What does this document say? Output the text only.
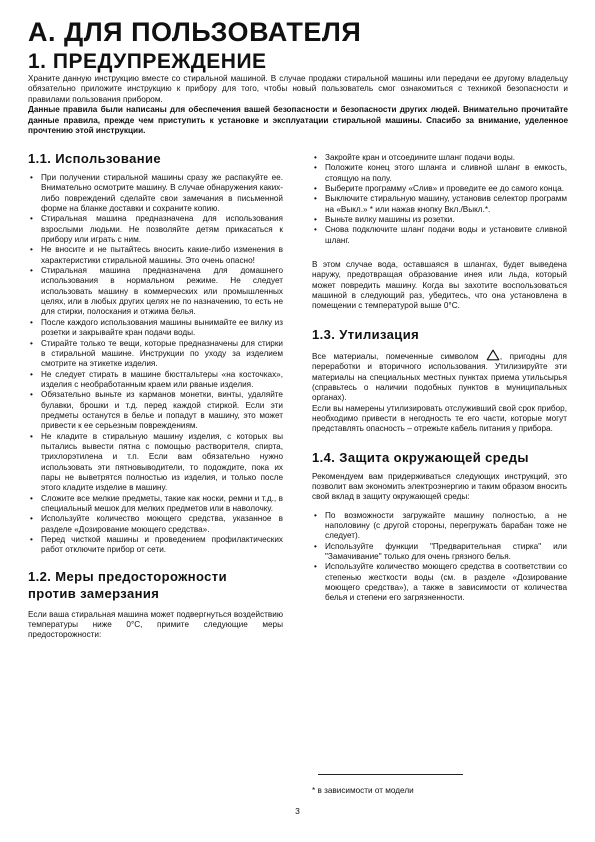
А. ДЛЯ ПОЛЬЗОВАТЕЛЯ
1. ПРЕДУПРЕЖДЕНИЕ

Храните данную инструкцию вместе со стиральной машиной. В случае продажи стиральной машины или передачи ее другому владельцу обязательно приложите инструкцию к прибору для того, чтобы новый пользователь смог ознакомиться с техникой безопасности и правилами пользования прибором.

Данные правила были написаны для обеспечения вашей безопасности и безопасности других людей. Внимательно прочитайте данные правила, прежде чем приступить к установке и эксплуатации стиральной машины. Спасибо за внимание, уделенное прочтению этой инструкции.

1.1. Использование
• При получении стиральной машины сразу же распакуйте ее. Внимательно осмотрите машину. В случае обнаружения каких-либо повреждений сделайте свои замечания в письменной форме на бланке доставки и сохраните копию.
• Стиральная машина предназначена для использования взрослыми людьми. Не позволяйте детям прикасаться к прибору или играть с ним.
• Не вносите и не пытайтесь вносить какие-либо изменения в характеристики стиральной машины. Это очень опасно!
• Стиральная машина предназначена для домашнего использования в нормальном режиме. Не следует использовать машину в коммерческих или промышленных целях, или в любых других целях не по назначению, то есть не для стирки, полоскания и отжима белья.
• После каждого использования машины вынимайте ее вилку из розетки и закрывайте кран подачи воды.
• Стирайте только те вещи, которые предназначены для стирки в стиральной машине. Инструкции по уходу за изделием смотрите на этикетке изделия.
• Не следует стирать в машине бюстгальтеры «на косточках», изделия с необработанным краем или рваные изделия.
• Обязательно выньте из карманов монетки, винты, удаляйте булавки, брошки и т.д. перед каждой стиркой. Если эти предметы останутся в белье и попадут в машину, это может привести к ее серьезным повреждениям.
• Не кладите в стиральную машину изделия, с которых вы пытались вывести пятна с помощью растворителя, спирта, трихлорэтилена и т.п. Если вам обязательно нужно использовать эти пятновыводители, то подождите, пока их пары не выветрятся полностью из изделия, и только после этого кладите изделие в машину.
• Сложите все мелкие предметы, такие как носки, ремни и т.д., в специальный мешок для мелких предметов или в наволочку.
• Используйте количество моющего средства, указанное в разделе «Дозирование моющего средства».
• Перед чисткой машины и проведением профилактических работ отключите прибор от сети.
1.2. Меры предосторожности
против замерзания

Если ваша стиральная машина может подвергнуться воздействию температуры ниже 0°С, примите следующие меры предосторожности:

• Закройте кран и отсоедините шланг подачи воды.
• Положите конец этого шланга и сливной шланг в емкость, стоящую на полу.
• Выберите программу «Слив» и проведите ее до самого конца.
• Выключите стиральную машину, установив селектор программ на «Выкл.» * или нажав кнопку Вкл./Выкл.*.
• Выньте вилку машины из розетки.
• Снова подключите шланг подачи воды и установите сливной шланг.

В этом случае вода, оставшаяся в шлангах, будет выведена наружу, предотвращая образование инея или льда, который может повредить машину. Когда вы захотите воспользоваться машиной в следующий раз, убедитесь, что она установлена в помещении с температурой выше 0°С.

1.3. Утилизация

Все материалы, помеченные символом	, пригодны для переработки и вторичного использования. Утилизируйте эти материалы на специальных местных пунктах приема утильсырья (справьтесь о наличии подобных пунктов в муниципальных органах).

Если вы намерены утилизировать отслуживший свой срок прибор, необходимо привести в негодность те его части, которые могут представлять опасность – отрежьте кабель питания у прибора.

1.4. Защита окружающей среды

Рекомендуем вам придерживаться следующих инструкций, это позволит вам экономить электроэнергию и таким образом вносить свой вклад в защиту окружающей среды:

• По возможности загружайте машину полностью, а не наполовину (с другой стороны, перегружать барабан тоже не следует).
• Используйте функции "Предварительная стирка" или "Замачивание" только для очень грязного белья.
• Используйте количество моющего средства в соответствии со степенью жесткости воды (см. в разделе «Дозирование моющего средства»), а также в зависимости от количества белья и степени его загрязненности.
* в зависимости от модели
3
